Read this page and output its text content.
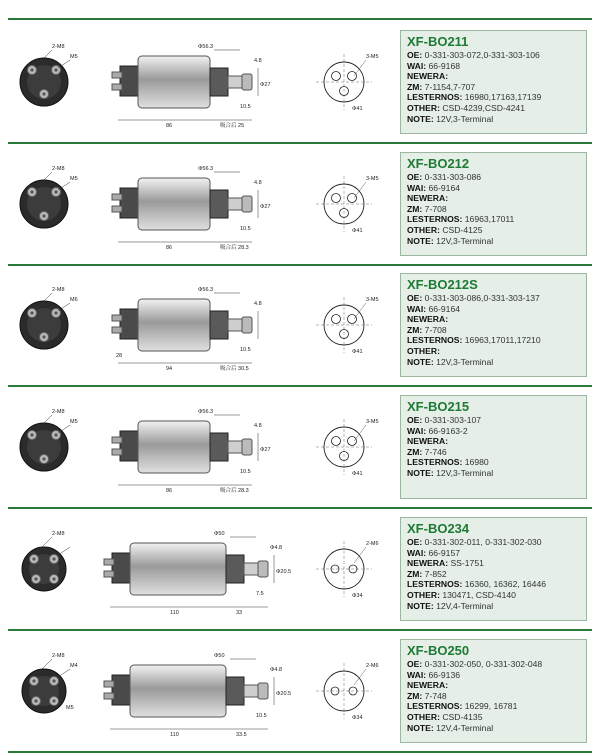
2-M8
M5
Φ56.3
86	吸合后 25
Φ27
4.8
10.5
3-M5
Φ41
XF-BO211
OE: 0-331-303-072,0-331-303-106
WAI: 66-9168
NEWERA:
ZM: 7-1154,7-707
LESTERNOS: 16980,17163,17139
OTHER: CSD-4239,CSD-4241
NOTE: 12V,3-Terminal
2-M8
M5
Φ56.3
86	吸合后 28.3
Φ27
4.8
10.5
3-M5
Φ41
XF-BO212
OE: 0-331-303-086
WAI: 66-9164
NEWERA:
ZM: 7-708
LESTERNOS: 16963,17011
OTHER: CSD-4125
NOTE: 12V,3-Terminal
2-M8
M6
Φ56.3
94	吸合后 30.5
4.8
10.5
28
3-M5
Φ41
XF-BO212S
OE: 0-331-303-086,0-331-303-137
WAI: 66-9164
NEWERA:
ZM: 7-708
LESTERNOS: 16963,17011,17210
OTHER:
NOTE: 12V,3-Terminal
2-M8
M5
Φ56.3
86	吸合后 28.3
Φ27
4.8
10.5
3-M5
Φ41
XF-BO215
OE: 0-331-303-107
WAI: 66-9163-2
NEWERA:
ZM: 7-746
LESTERNOS: 16980
NOTE: 12V,3-Terminal
2-M8	Φ50
110	33
Φ20.5
Φ4.8
7.5
2-M6
Φ34
XF-BO234
OE: 0-331-302-011, 0-331-302-030
WAI: 66-9157
NEWERA: SS-1751
ZM: 7-852
LESTERNOS: 16360, 16362, 16446
OTHER: 130471, CSD-4140
NOTE: 12V,4-Terminal
2-M8
M4
M5
Φ50
110	33.5
Φ20.5
Φ4.8
10.5
2-M6
Φ34
XF-BO250
OE: 0-331-302-050, 0-331-302-048
WAI: 66-9136
NEWERA:
ZM: 7-748
LESTERNOS: 16299, 16781
OTHER: CSD-4135
NOTE: 12V,4-Terminal
